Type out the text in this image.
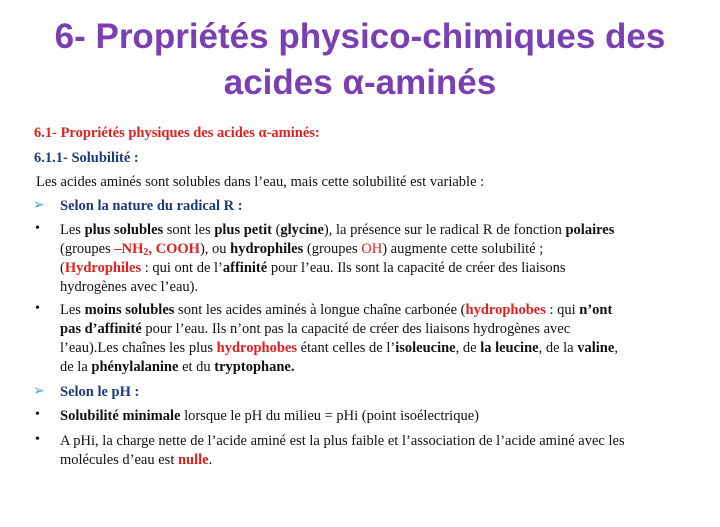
6- Propriétés physico-chimiques des
acides α-aminés
6.1- Propriétés physiques des acides α-aminés:
6.1.1- Solubilité :
Les acides aminés sont solubles dans l’eau, mais cette solubilité est variable :
➢ Selon la nature du radical R :
• Les plus solubles sont les plus petit (glycine), la présence sur le radical R de fonction polaires
(groupes $-NH_2$, COOH), ou hydrophiles (groupes OH) augmente cette solubilité ;
(Hydrophiles : qui ont de l’affinité pour l’eau. Ils sont la capacité de créer des liaisons
hydrogènes avec l’eau).
• Les moins solubles sont les acides aminés à longue chaîne carbonée (hydrophobes : qui n’ont
pas d’affinité pour l’eau. Ils n’ont pas la capacité de créer des liaisons hydrogènes avec
l’eau).Les chaînes les plus hydrophobes étant celles de l’isoleucine, de la leucine, de la valine,
de la phénylalanine et du tryptophane.
➢ Selon le pH :
• Solubilité minimale lorsque le pH du milieu = pHi (point isoélectrique)
• A pHi, la charge nette de l’acide aminé est la plus faible et l’association de l’acide aminé avec les
molécules d’eau est nulle.
